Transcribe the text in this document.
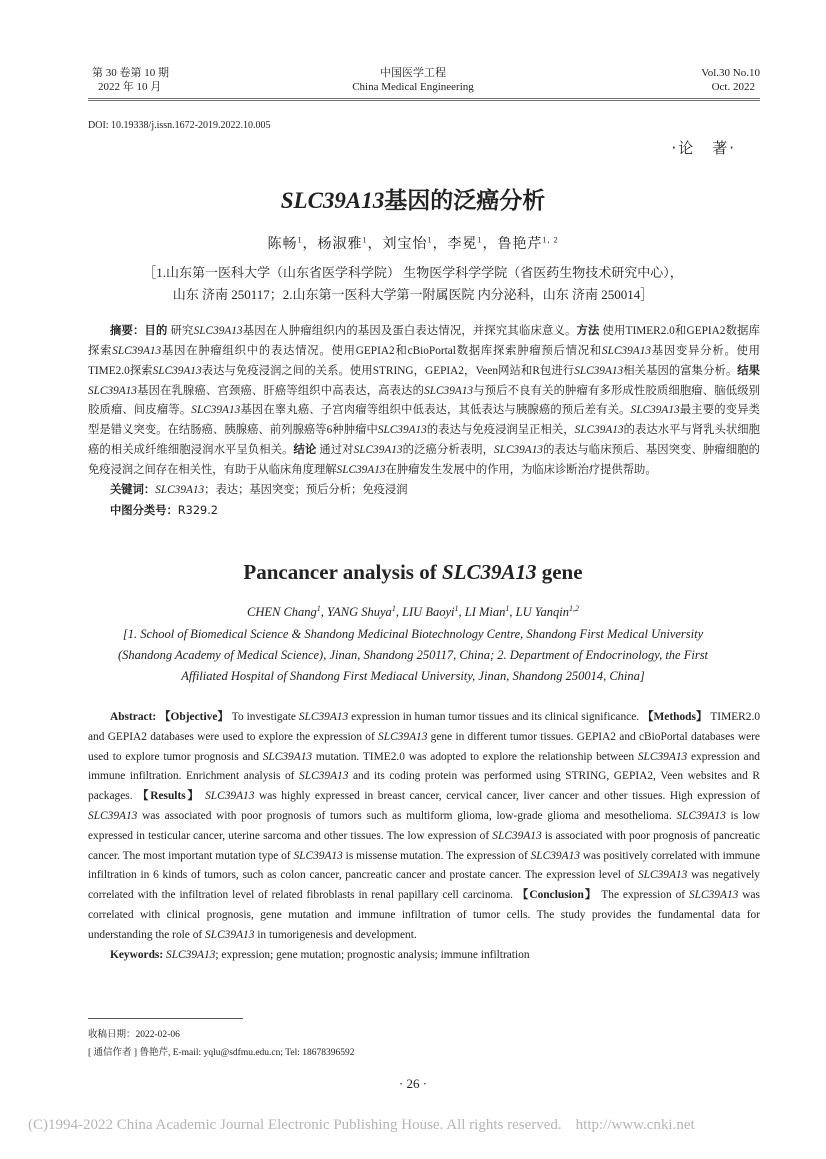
第 30 卷第 10 期
2022 年 10 月
中国医学工程
China Medical Engineering
Vol.30 No.10
Oct. 2022
DOI: 10.19338/j.issn.1672-2019.2022.10.005
·论　著·
SLC39A13基因的泛癌分析
陈畅$^1$，杨淑雅$^1$，刘宝怡$^1$，李冕$^1$，鲁艳芹$^{1, 2}$
［1.山东第一医科大学（山东省医学科学院） 生物医学科学学院（省医药生物技术研究中心），
山东 济南 250117；2.山东第一医科大学第一附属医院 内分泌科，山东 济南 250014］

摘要：目的 研究SLC39A13基因在人肿瘤组织内的基因及蛋白表达情况，并探究其临床意义。方法 使用TIMER2.0和GEPIA2数据库探索SLC39A13基因在肿瘤组织中的表达情况。使用GEPIA2和cBioPortal数据库探索肿瘤预后情况和SLC39A13基因变异分析。使用TIME2.0探索SLC39A13表达与免疫浸润之间的关系。使用STRING，GEPIA2，Veen网站和R包进行SLC39A13相关基因的富集分析。结果 SLC39A13基因在乳腺癌、宫颈癌、肝癌等组织中高表达，高表达的SLC39A13与预后不良有关的肿瘤有多形成性胶质细胞瘤、脑低级别胶质瘤、间皮瘤等。SLC39A13基因在睾丸癌、子宫肉瘤等组织中低表达，其低表达与胰腺癌的预后差有关。SLC39A13最主要的变异类型是错义突变。在结肠癌、胰腺癌、前列腺癌等6种肿瘤中SLC39A13的表达与免疫浸润呈正相关，SLC39A13的表达水平与肾乳头状细胞癌的相关成纤维细胞浸润水平呈负相关。结论 通过对SLC39A13的泛癌分析表明，SLC39A13的表达与临床预后、基因突变、肿瘤细胞的免疫浸润之间存在相关性，有助于从临床角度理解SLC39A13在肿瘤发生发展中的作用，为临床诊断治疗提供帮助。

关键词：SLC39A13；表达；基因突变；预后分析；免疫浸润

中图分类号：R329.2

Pancancer analysis of SLC39A13 gene
CHEN Chang$^1$, YANG Shuya$^1$, LIU Baoyi$^1$, LI Mian$^1$, LU Yanqin$^{1,2}$
[1. School of Biomedical Science & Shandong Medicinal Biotechnology Centre, Shandong First Medical University
(Shandong Academy of Medical Science), Jinan, Shandong 250117, China; 2. Department of Endocrinology, the First
Affiliated Hospital of Shandong First Mediacal University, Jinan, Shandong 250014, China]

Abstract: 【Objective】 To investigate SLC39A13 expression in human tumor tissues and its clinical significance. 【Methods】 TIMER2.0 and GEPIA2 databases were used to explore the expression of SLC39A13 gene in different tumor tissues. GEPIA2 and cBioPortal databases were used to explore tumor prognosis and SLC39A13 mutation. TIME2.0 was adopted to explore the relationship between SLC39A13 expression and immune infiltration. Enrichment analysis of SLC39A13 and its coding protein was performed using STRING, GEPIA2, Veen websites and R packages. 【Results】 SLC39A13 was highly expressed in breast cancer, cervical cancer, liver cancer and other tissues. High expression of SLC39A13 was associated with poor prognosis of tumors such as multiform glioma, low-grade glioma and mesothelioma. SLC39A13 is low expressed in testicular cancer, uterine sarcoma and other tissues. The low expression of SLC39A13 is associated with poor prognosis of pancreatic cancer. The most important mutation type of SLC39A13 is missense mutation. The expression of SLC39A13 was positively correlated with immune infiltration in 6 kinds of tumors, such as colon cancer, pancreatic cancer and prostate cancer. The expression level of SLC39A13 was negatively correlated with the infiltration level of related fibroblasts in renal papillary cell carcinoma. 【Conclusion】 The expression of SLC39A13 was correlated with clinical prognosis, gene mutation and immune infiltration of tumor cells. The study provides the fundamental data for understanding the role of SLC39A13 in tumorigenesis and development.

Keywords: SLC39A13; expression; gene mutation; prognostic analysis; immune infiltration

收稿日期：2022-02-06
[ 通信作者 ] 鲁艳芹, E-mail: yqlu@sdfmu.edu.cn; Tel: 18678396592
· 26 ·
(C)1994-2022 China Academic Journal Electronic Publishing House. All rights reserved. http://www.cnki.net
